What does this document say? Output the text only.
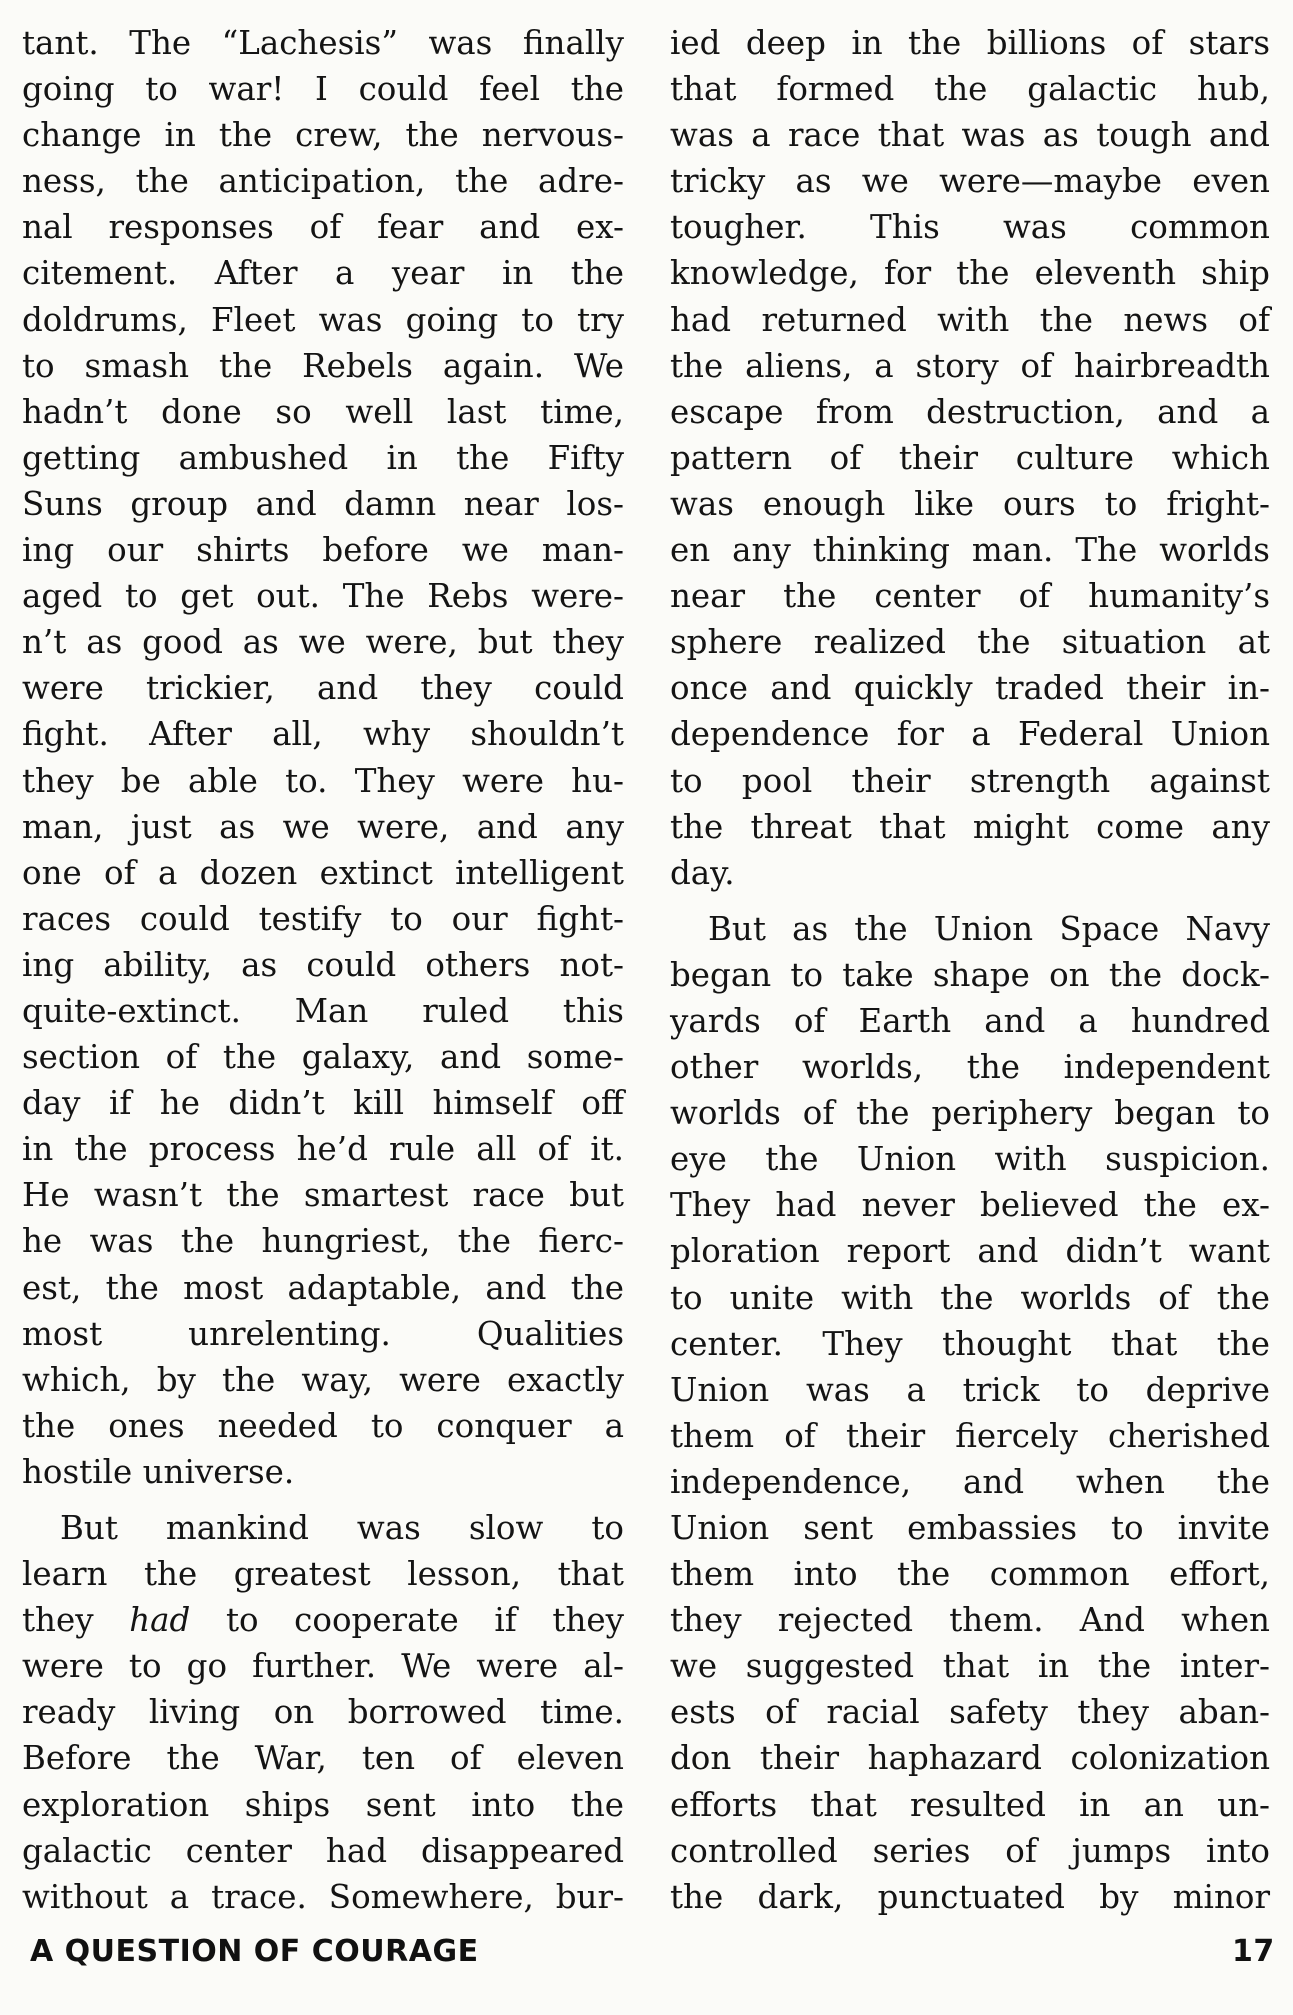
tant. The “Lachesis” was finally
going to war! I could feel the
change in the crew, the nervous-
ness, the anticipation, the adre-
nal responses of fear and ex-
citement. After a year in the
doldrums, Fleet was going to try
to smash the Rebels again. We
hadn’t done so well last time,
getting ambushed in the Fifty
Suns group and damn near los-
ing our shirts before we man-
aged to get out. The Rebs were-
n’t as good as we were, but they
were trickier, and they could
fight. After all, why shouldn’t
they be able to. They were hu-
man, just as we were, and any
one of a dozen extinct intelligent
races could testify to our fight-
ing ability, as could others not-
quite-extinct. Man ruled this
section of the galaxy, and some-
day if he didn’t kill himself off
in the process he’d rule all of it.
He wasn’t the smartest race but
he was the hungriest, the fierc-
est, the most adaptable, and the
most unrelenting. Qualities
which, by the way, were exactly
the ones needed to conquer a
hostile universe.
But mankind was slow to
learn the greatest lesson, that
they had to cooperate if they
were to go further. We were al-
ready living on borrowed time.
Before the War, ten of eleven
exploration ships sent into the
galactic center had disappeared
without a trace. Somewhere, bur-
ied deep in the billions of stars
that formed the galactic hub,
was a race that was as tough and
tricky as we were—maybe even
tougher. This was common
knowledge, for the eleventh ship
had returned with the news of
the aliens, a story of hairbreadth
escape from destruction, and a
pattern of their culture which
was enough like ours to fright-
en any thinking man. The worlds
near the center of humanity’s
sphere realized the situation at
once and quickly traded their in-
dependence for a Federal Union
to pool their strength against
the threat that might come any
day.
But as the Union Space Navy
began to take shape on the dock-
yards of Earth and a hundred
other worlds, the independent
worlds of the periphery began to
eye the Union with suspicion.
They had never believed the ex-
ploration report and didn’t want
to unite with the worlds of the
center. They thought that the
Union was a trick to deprive
them of their fiercely cherished
independence, and when the
Union sent embassies to invite
them into the common effort,
they rejected them. And when
we suggested that in the inter-
ests of racial safety they aban-
don their haphazard colonization
efforts that resulted in an un-
controlled series of jumps into
the dark, punctuated by minor
A QUESTION OF COURAGE	17
